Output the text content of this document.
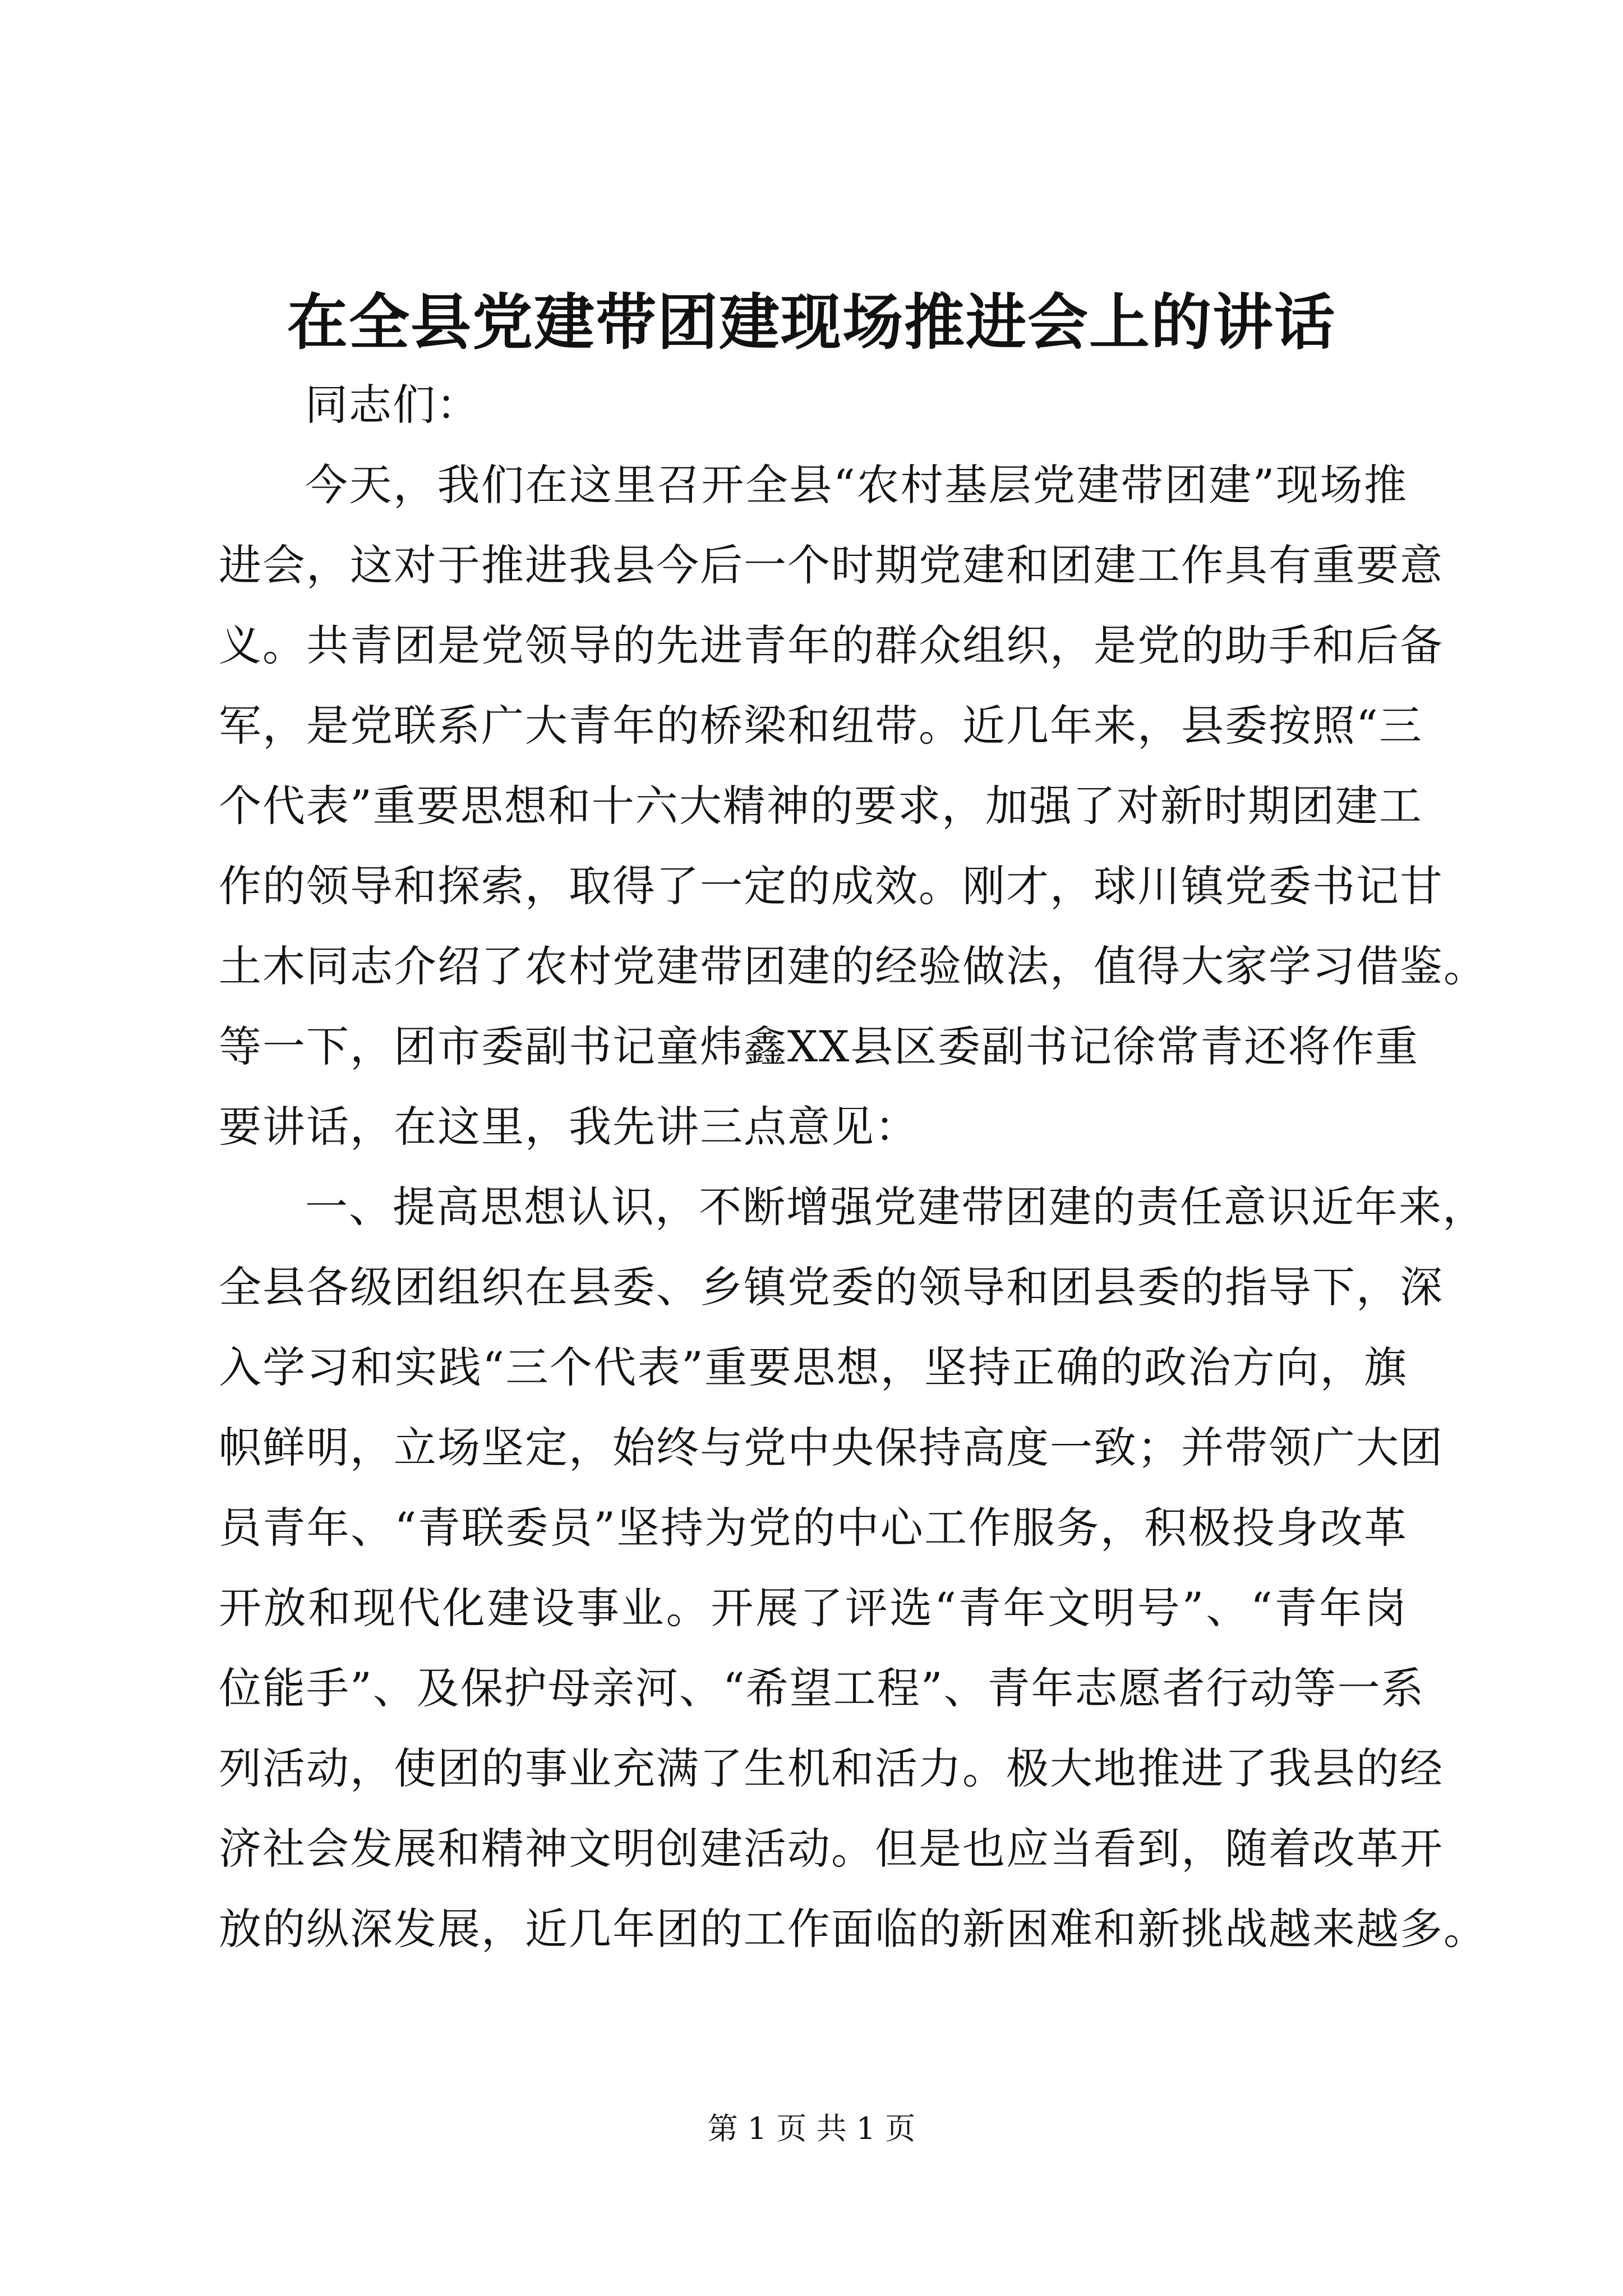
在全县党建带团建现场推进会上的讲话
同志们：
今天，我们在这里召开全县“农村基层党建带团建”现场推
进会，这对于推进我县今后一个时期党建和团建工作具有重要意
义。共青团是党领导的先进青年的群众组织，是党的助手和后备
军，是党联系广大青年的桥梁和纽带。近几年来，县委按照“三
个代表”重要思想和十六大精神的要求，加强了对新时期团建工
作的领导和探索，取得了一定的成效。刚才，球川镇党委书记甘
土木同志介绍了农村党建带团建的经验做法，值得大家学习借鉴。
等一下，团市委副书记童炜鑫XX县区委副书记徐常青还将作重
要讲话，在这里，我先讲三点意见：
一、提高思想认识，不断增强党建带团建的责任意识近年来，
全县各级团组织在县委、乡镇党委的领导和团县委的指导下，深
入学习和实践“三个代表”重要思想，坚持正确的政治方向，旗
帜鲜明，立场坚定，始终与党中央保持高度一致；并带领广大团
员青年、“青联委员”坚持为党的中心工作服务，积极投身改革
开放和现代化建设事业。开展了评选“青年文明号”、“青年岗
位能手”、及保护母亲河、“希望工程”、青年志愿者行动等一系
列活动，使团的事业充满了生机和活力。极大地推进了我县的经
济社会发展和精神文明创建活动。但是也应当看到，随着改革开
放的纵深发展，近几年团的工作面临的新困难和新挑战越来越多。
第 1 页 共 1 页
